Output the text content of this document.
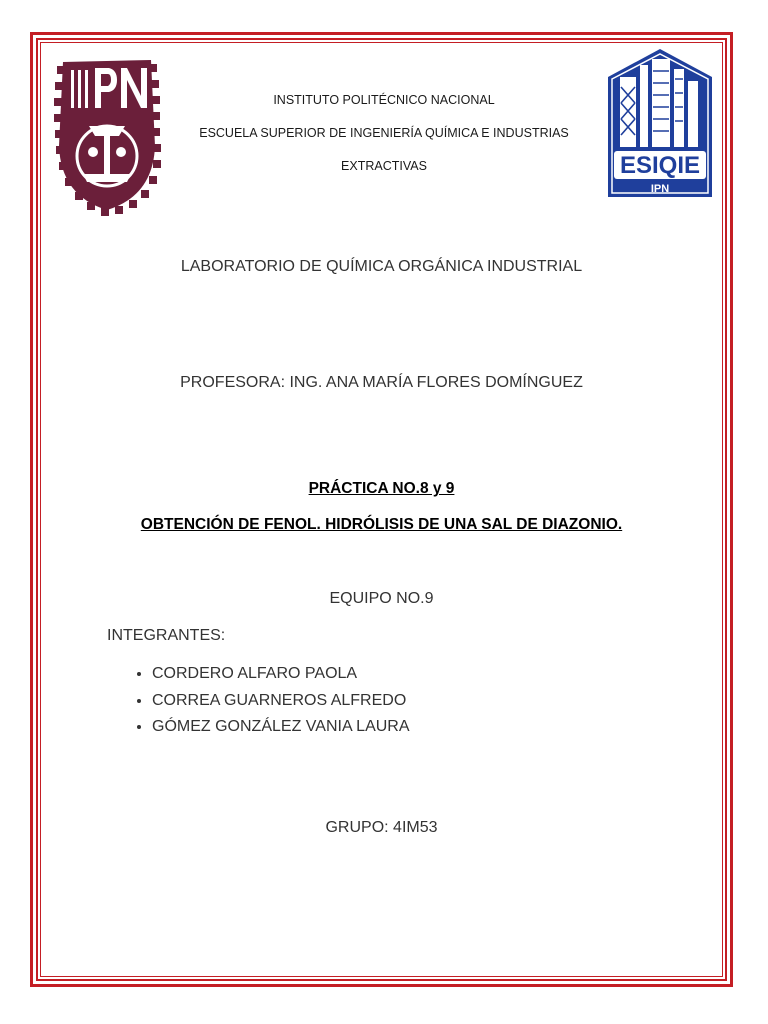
ESIQIE
IPN
INSTITUTO POLITÉCNICO NACIONAL
ESCUELA SUPERIOR DE INGENIERÍA QUÍMICA E INDUSTRIAS
EXTRACTIVAS
LABORATORIO DE QUÍMICA ORGÁNICA INDUSTRIAL
PROFESORA: ING. ANA MARÍA FLORES DOMÍNGUEZ
PRÁCTICA NO.8 y 9
OBTENCIÓN DE FENOL. HIDRÓLISIS DE UNA SAL DE DIAZONIO.
EQUIPO NO.9
INTEGRANTES:
• CORDERO ALFARO PAOLA
• CORREA GUARNEROS ALFREDO
• GÓMEZ GONZÁLEZ VANIA LAURA
GRUPO: 4IM53
